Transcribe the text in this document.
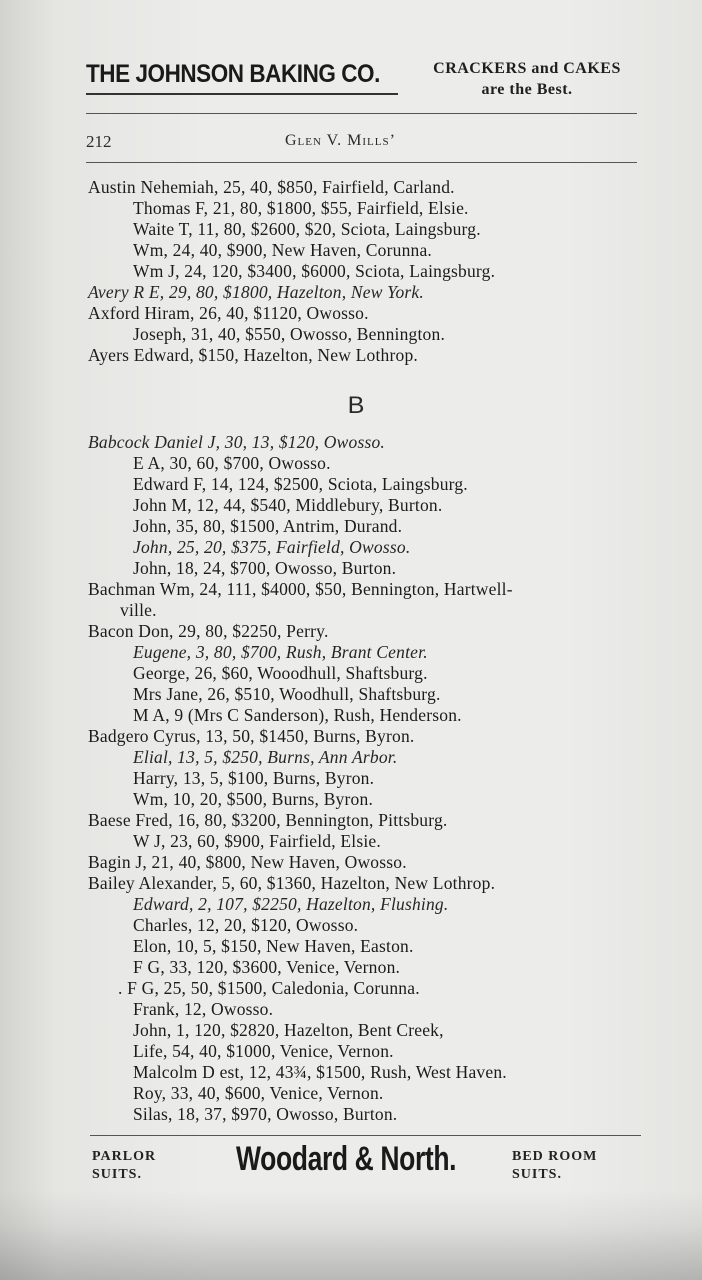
THE JOHNSON BAKING CO.	CRACKERS and CAKES
are the Best.
212	Glen V. Mills’
Austin Nehemiah, 25, 40, $850, Fairfield, Carland.
Thomas F, 21, 80, $1800, $55, Fairfield, Elsie.
Waite T, 11, 80, $2600, $20, Sciota, Laingsburg.
Wm, 24, 40, $900, New Haven, Corunna.
Wm J, 24, 120, $3400, $6000, Sciota, Laingsburg.
Avery R E, 29, 80, $1800, Hazelton, New York.
Axford Hiram, 26, 40, $1120, Owosso.
Joseph, 31, 40, $550, Owosso, Bennington.
Ayers Edward, $150, Hazelton, New Lothrop.
B
Babcock Daniel J, 30, 13, $120, Owosso.
E A, 30, 60, $700, Owosso.
Edward F, 14, 124, $2500, Sciota, Laingsburg.
John M, 12, 44, $540, Middlebury, Burton.
John, 35, 80, $1500, Antrim, Durand.
John, 25, 20, $375, Fairfield, Owosso.
John, 18, 24, $700, Owosso, Burton.
Bachman Wm, 24, 111, $4000, $50, Bennington, Hartwell-
ville.
Bacon Don, 29, 80, $2250, Perry.
Eugene, 3, 80, $700, Rush, Brant Center.
George, 26, $60, Wooodhull, Shaftsburg.
Mrs Jane, 26, $510, Woodhull, Shaftsburg.
M A, 9 (Mrs C Sanderson), Rush, Henderson.
Badgero Cyrus, 13, 50, $1450, Burns, Byron.
Elial, 13, 5, $250, Burns, Ann Arbor.
Harry, 13, 5, $100, Burns, Byron.
Wm, 10, 20, $500, Burns, Byron.
Baese Fred, 16, 80, $3200, Bennington, Pittsburg.
W J, 23, 60, $900, Fairfield, Elsie.
Bagin J, 21, 40, $800, New Haven, Owosso.
Bailey Alexander, 5, 60, $1360, Hazelton, New Lothrop.
Edward, 2, 107, $2250, Hazelton, Flushing.
Charles, 12, 20, $120, Owosso.
Elon, 10, 5, $150, New Haven, Easton.
F G, 33, 120, $3600, Venice, Vernon.
. F G, 25, 50, $1500, Caledonia, Corunna.
Frank, 12, Owosso.
John, 1, 120, $2820, Hazelton, Bent Creek,
Life, 54, 40, $1000, Venice, Vernon.
Malcolm D est, 12, 43¾, $1500, Rush, West Haven.
Roy, 33, 40, $600, Venice, Vernon.
Silas, 18, 37, $970, Owosso, Burton.
PARLOR
SUITS.	Woodard & North.	BED ROOM
SUITS.
